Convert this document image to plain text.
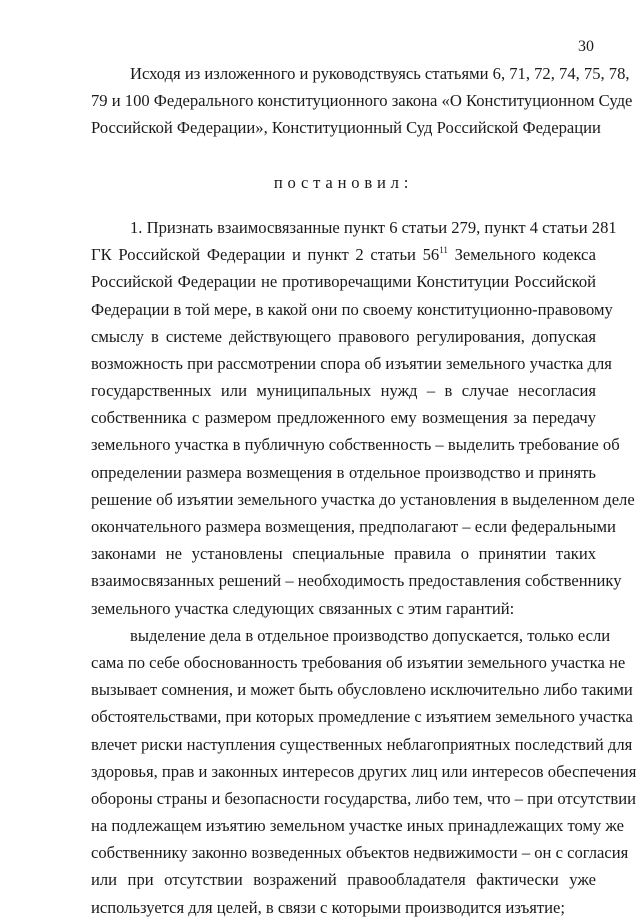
30
Исходя из изложенного и руководствуясь статьями 6, 71, 72, 74, 75, 78,
79 и 100 Федерального конституционного закона «О Конституционном Суде
Российской Федерации», Конституционный Суд Российской Федерации
постановил:
1. Признать взаимосвязанные пункт 6 статьи 279, пункт 4 статьи 281
ГК Российской Федерации и пункт 2 статьи $56^{11}$ Земельного кодекса
Российской Федерации не противоречащими Конституции Российской
Федерации в той мере, в какой они по своему конституционно-правовому
смыслу в системе действующего правового регулирования, допуская
возможность при рассмотрении спора об изъятии земельного участка для
государственных или муниципальных нужд – в случае несогласия
собственника с размером предложенного ему возмещения за передачу
земельного участка в публичную собственность – выделить требование об
определении размера возмещения в отдельное производство и принять
решение об изъятии земельного участка до установления в выделенном деле
окончательного размера возмещения, предполагают – если федеральными
законами не установлены специальные правила о принятии таких
взаимосвязанных решений – необходимость предоставления собственнику
земельного участка следующих связанных с этим гарантий:
выделение дела в отдельное производство допускается, только если
сама по себе обоснованность требования об изъятии земельного участка не
вызывает сомнения, и может быть обусловлено исключительно либо такими
обстоятельствами, при которых промедление с изъятием земельного участка
влечет риски наступления существенных неблагоприятных последствий для
здоровья, прав и законных интересов других лиц или интересов обеспечения
обороны страны и безопасности государства, либо тем, что – при отсутствии
на подлежащем изъятию земельном участке иных принадлежащих тому же
собственнику законно возведенных объектов недвижимости – он с согласия
или при отсутствии возражений правообладателя фактически уже
используется для целей, в связи с которыми производится изъятие;
